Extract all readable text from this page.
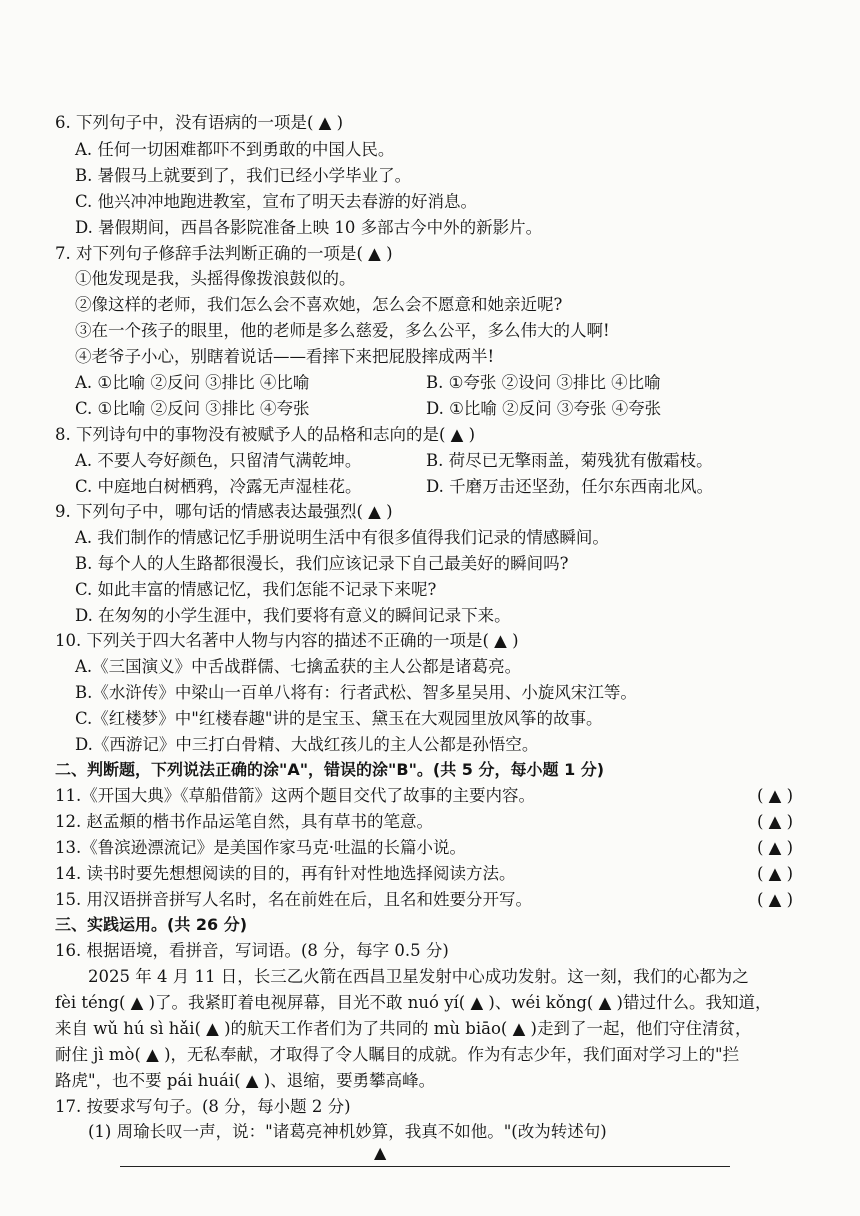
6. 下列句子中，没有语病的一项是( ▲ )
A. 任何一切困难都吓不到勇敢的中国人民。
B. 暑假马上就要到了，我们已经小学毕业了。
C. 他兴冲冲地跑进教室，宣布了明天去春游的好消息。
D. 暑假期间，西昌各影院准备上映 10 多部古今中外的新影片。
7. 对下列句子修辞手法判断正确的一项是( ▲ )
①他发现是我，头摇得像拨浪鼓似的。
②像这样的老师，我们怎么会不喜欢她，怎么会不愿意和她亲近呢?
③在一个孩子的眼里，他的老师是多么慈爱，多么公平，多么伟大的人啊!
④老爷子小心，别瞎着说话——看摔下来把屁股摔成两半!
A. ①比喻 ②反问 ③排比 ④比喻	B. ①夸张 ②设问 ③排比 ④比喻
C. ①比喻 ②反问 ③排比 ④夸张	D. ①比喻 ②反问 ③夸张 ④夸张
8. 下列诗句中的事物没有被赋予人的品格和志向的是( ▲ )
A. 不要人夸好颜色，只留清气满乾坤。	B. 荷尽已无擎雨盖，菊残犹有傲霜枝。
C. 中庭地白树栖鸦，冷露无声湿桂花。	D. 千磨万击还坚劲，任尔东西南北风。
9. 下列句子中，哪句话的情感表达最强烈( ▲ )
A. 我们制作的情感记忆手册说明生活中有很多值得我们记录的情感瞬间。
B. 每个人的人生路都很漫长，我们应该记录下自己最美好的瞬间吗?
C. 如此丰富的情感记忆，我们怎能不记录下来呢?
D. 在匆匆的小学生涯中，我们要将有意义的瞬间记录下来。
10. 下列关于四大名著中人物与内容的描述不正确的一项是( ▲ )
A.《三国演义》中舌战群儒、七擒孟获的主人公都是诸葛亮。
B.《水浒传》中梁山一百单八将有：行者武松、智多星吴用、小旋风宋江等。
C.《红楼梦》中"红楼春趣"讲的是宝玉、黛玉在大观园里放风筝的故事。
D.《西游记》中三打白骨精、大战红孩儿的主人公都是孙悟空。
二、判断题，下列说法正确的涂"A"，错误的涂"B"。(共 5 分，每小题 1 分)
11.《开国大典》《草船借箭》这两个题目交代了故事的主要内容。	( ▲ )
12. 赵孟頫的楷书作品运笔自然，具有草书的笔意。	( ▲ )
13.《鲁滨逊漂流记》是美国作家马克·吐温的长篇小说。	( ▲ )
14. 读书时要先想想阅读的目的，再有针对性地选择阅读方法。	( ▲ )
15. 用汉语拼音拼写人名时，名在前姓在后，且名和姓要分开写。	( ▲ )
三、实践运用。(共 26 分)
16. 根据语境，看拼音，写词语。(8 分，每字 0.5 分)
2025 年 4 月 11 日，长三乙火箭在西昌卫星发射中心成功发射。这一刻，我们的心都为之
fèi téng( ▲ )了。我紧盯着电视屏幕，目光不敢 nuó yí( ▲ )、wéi kǒng( ▲ )错过什么。我知道，
来自 wǔ hú sì hǎi( ▲ )的航天工作者们为了共同的 mù biāo( ▲ )走到了一起，他们守住清贫，
耐住 jì mò( ▲ )，无私奉献，才取得了令人瞩目的成就。作为有志少年，我们面对学习上的"拦
路虎"，也不要 pái huái( ▲ )、退缩，要勇攀高峰。
17. 按要求写句子。(8 分，每小题 2 分)
(1) 周瑜长叹一声，说："诸葛亮神机妙算，我真不如他。"(改为转述句)
▲
